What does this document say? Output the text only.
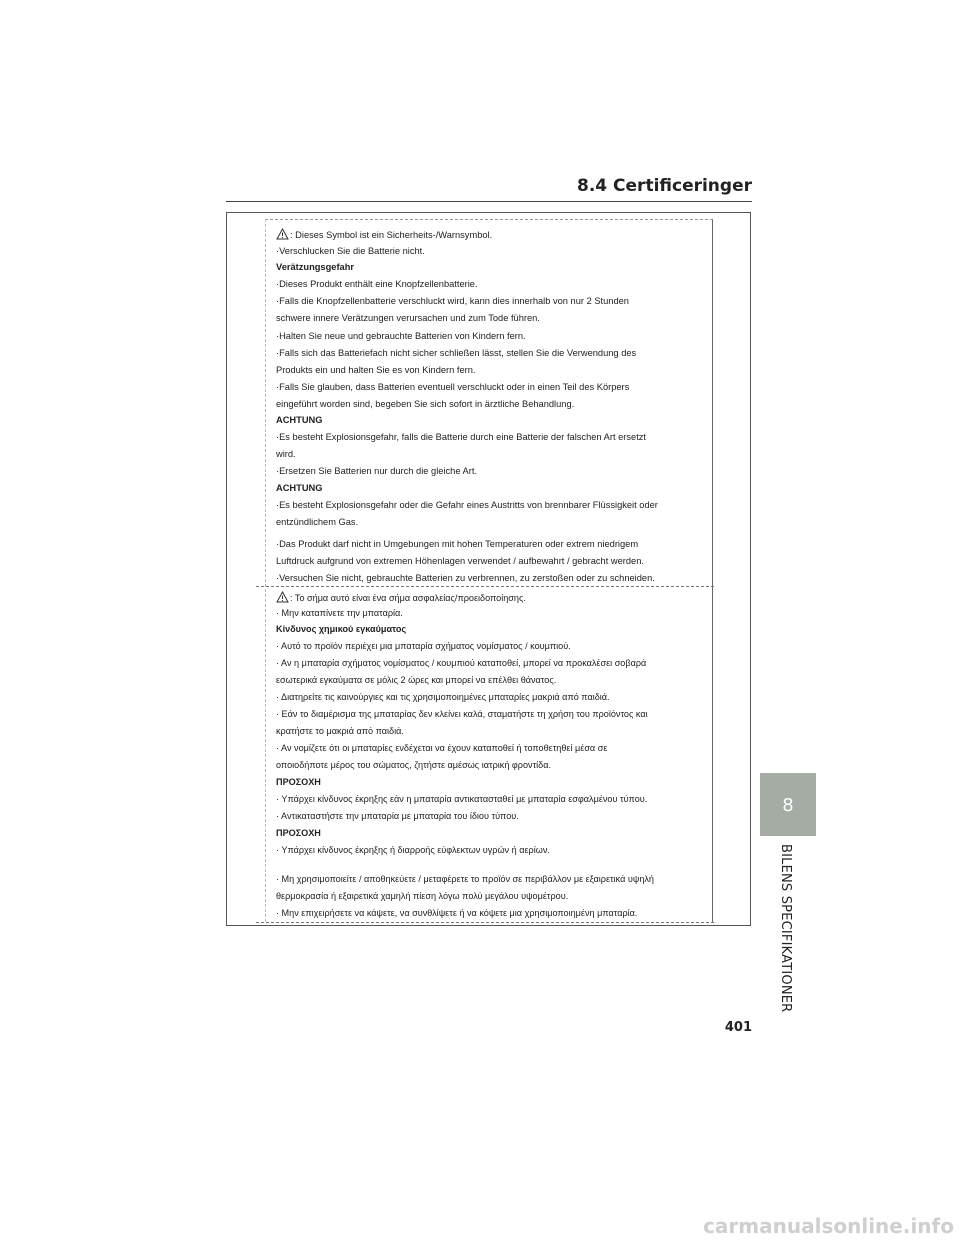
8.4 Certificeringer
: Dieses Symbol ist ein Sicherheits-/Warnsymbol.
·Verschlucken Sie die Batterie nicht.
Verätzungsgefahr
·Dieses Produkt enthält eine Knopfzellenbatterie.
·Falls die Knopfzellenbatterie verschluckt wird, kann dies innerhalb von nur 2 Stunden
schwere innere Verätzungen verursachen und zum Tode führen.
·Halten Sie neue und gebrauchte Batterien von Kindern fern.
·Falls sich das Batteriefach nicht sicher schließen lässt, stellen Sie die Verwendung des
Produkts ein und halten Sie es von Kindern fern.
·Falls Sie glauben, dass Batterien eventuell verschluckt oder in einen Teil des Körpers
eingeführt worden sind, begeben Sie sich sofort in ärztliche Behandlung.
ACHTUNG
·Es besteht Explosionsgefahr, falls die Batterie durch eine Batterie der falschen Art ersetzt
wird.
·Ersetzen Sie Batterien nur durch die gleiche Art.
ACHTUNG
·Es besteht Explosionsgefahr oder die Gefahr eines Austritts von brennbarer Flüssigkeit oder
entzündlichem Gas.
·Das Produkt darf nicht in Umgebungen mit hohen Temperaturen oder extrem niedrigem
Luftdruck aufgrund von extremen Höhenlagen verwendet / aufbewahrt / gebracht werden.
·Versuchen Sie nicht, gebrauchte Batterien zu verbrennen, zu zerstoßen oder zu schneiden.
: Το σήμα αυτό είναι ένα σήμα ασφαλείας/προειδοποίησης.
· Μην καταπίνετε την μπαταρία.
Κίνδυνος χημικού εγκαύματος
· Αυτό το προϊόν περιέχει μια μπαταρία σχήματος νομίσματος / κουμπιού.
· Αν η μπαταρία σχήματος νομίσματος / κουμπιού καταποθεί, μπορεί να προκαλέσει σοβαρά
εσωτερικά εγκαύματα σε μόλις 2 ώρες και μπορεί να επέλθει θάνατος.
· Διατηρείτε τις καινούργιες και τις χρησιμοποιημένες μπαταρίες μακριά από παιδιά.
· Εάν το διαμέρισμα της μπαταρίας δεν κλείνει καλά, σταματήστε τη χρήση του προϊόντος και
κρατήστε το μακριά από παιδιά.
· Αν νομίζετε ότι οι μπαταρίες ενδέχεται να έχουν καταποθεί ή τοποθετηθεί μέσα σε
οποιοδήποτε μέρος του σώματος, ζητήστε αμέσως ιατρική φροντίδα.
ΠΡΟΣΟΧΗ
· Υπάρχει κίνδυνος έκρηξης εάν η μπαταρία αντικατασταθεί με μπαταρία εσφαλμένου τύπου.
· Αντικαταστήστε την μπαταρία με μπαταρία του ίδιου τύπου.
ΠΡΟΣΟΧΗ
· Υπάρχει κίνδυνος έκρηξης ή διαρροής εύφλεκτων υγρών ή αερίων.
· Μη χρησιμοποιείτε / αποθηκεύετε / μεταφέρετε το προϊόν σε περιβάλλον με εξαιρετικά υψηλή
θερμοκρασία ή εξαιρετικά χαμηλή πίεση λόγω πολύ μεγάλου υψομέτρου.
· Μην επιχειρήσετε να κάψετε, να συνθλίψετε ή να κόψετε μια χρησιμοποιημένη μπαταρία.
8
BILENS SPECIFIKATIONER
401
carmanualsonline.info
